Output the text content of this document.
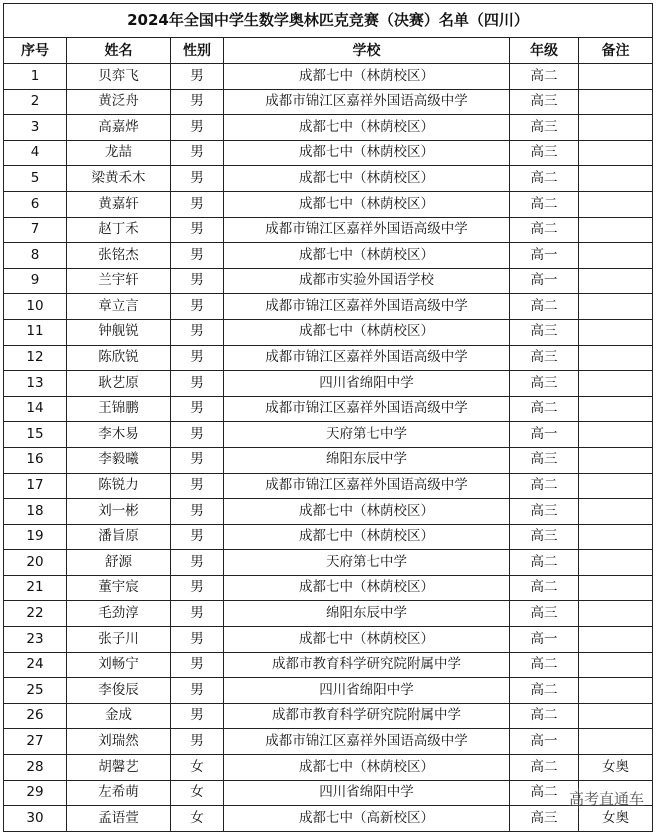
2024年全国中学生数学奥林匹克竞赛（决赛）名单（四川）					
序号	姓名	性别	学校	年级	备注
1	贝弈飞	男	成都七中（林荫校区）	高二	
2	黄泛舟	男	成都市锦江区嘉祥外国语高级中学	高三	
3	高嘉烨	男	成都七中（林荫校区）	高三	
4	龙喆	男	成都七中（林荫校区）	高三	
5	梁黄禾木	男	成都七中（林荫校区）	高二	
6	黄嘉轩	男	成都七中（林荫校区）	高二	
7	赵丁禾	男	成都市锦江区嘉祥外国语高级中学	高二	
8	张铭杰	男	成都七中（林荫校区）	高一	
9	兰宇轩	男	成都市实验外国语学校	高一	
10	章立言	男	成都市锦江区嘉祥外国语高级中学	高二	
11	钟舰锐	男	成都七中（林荫校区）	高三	
12	陈欣锐	男	成都市锦江区嘉祥外国语高级中学	高三	
13	耿艺原	男	四川省绵阳中学	高三	
14	王锦鹏	男	成都市锦江区嘉祥外国语高级中学	高二	
15	李木易	男	天府第七中学	高一	
16	李毅曦	男	绵阳东辰中学	高三	
17	陈锐力	男	成都市锦江区嘉祥外国语高级中学	高二	
18	刘一彬	男	成都七中（林荫校区）	高三	
19	潘旨原	男	成都七中（林荫校区）	高三	
20	舒源	男	天府第七中学	高二	
21	董宇宸	男	成都七中（林荫校区）	高二	
22	毛劲淳	男	绵阳东辰中学	高三	
23	张子川	男	成都七中（林荫校区）	高一	
24	刘畅宁	男	成都市教育科学研究院附属中学	高二	
25	李俊辰	男	四川省绵阳中学	高二	
26	金成	男	成都市教育科学研究院附属中学	高二	
27	刘瑞然	男	成都市锦江区嘉祥外国语高级中学	高一	
28	胡馨艺	女	成都七中（林荫校区）	高二	女奥
29	左希萌	女	四川省绵阳中学	高二	
30	孟语萱	女	成都七中（高新校区）	高三	女奥
高考直通车
